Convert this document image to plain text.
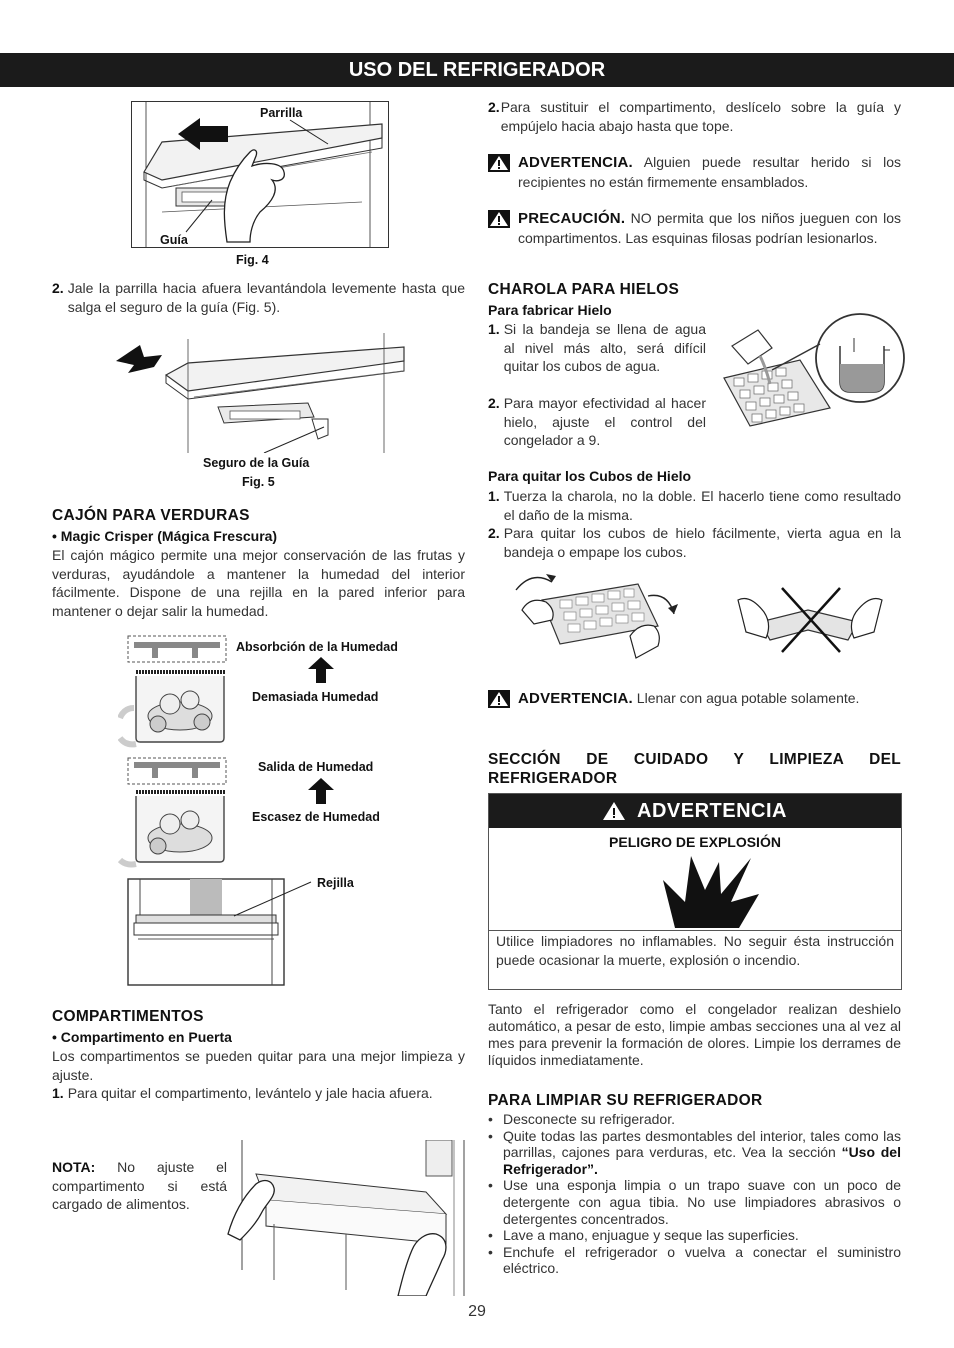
USO DEL REFRIGERADOR
Parrilla
Guía
Fig. 4
2. Jale la parrilla hacia afuera levantándola levemente hasta que salga el seguro de la guía (Fig. 5).
Seguro de la Guía
Fig. 5
CAJÓN PARA VERDURAS
• Magic Crisper (Mágica Frescura)
El cajón mágico permite una mejor conservación de las frutas y verduras, ayudándole a mantener la humedad del interior fácilmente. Dispone de una rejilla en la pared inferior para mantener o dejar salir la humedad.
Absorbción de la Humedad
Demasiada Humedad
Salida de Humedad
Escasez de Humedad
Rejilla
COMPARTIMENTOS
• Compartimento en Puerta
Los compartimentos se pueden quitar para una mejor limpieza y ajuste.
1. Para quitar el compartimento, levántelo y jale hacia afuera.
NOTA: No ajuste el compartimento si está cargado de alimentos.
2. Para sustituir el compartimento, deslícelo sobre la guía y empújelo hacia abajo hasta que tope.
ADVERTENCIA. Alguien puede resultar herido si los recipientes no están firmemente ensamblados.
PRECAUCIÓN. NO permita que los niños jueguen con los compartimentos. Las esquinas filosas podrían lesionarlos.
CHAROLA PARA HIELOS
Para fabricar Hielo
1. Si la bandeja se llena de agua al nivel más alto, será difícil quitar los cubos de agua.
2. Para mayor efectividad al hacer hielo, ajuste el control del congelador a 9.
Para quitar los Cubos de Hielo
1. Tuerza la charola, no la doble. El hacerlo tiene como resultado el daño de la misma.
2. Para quitar los cubos de hielo fácilmente, vierta agua en la bandeja o empape los cubos.
ADVERTENCIA. Llenar con agua potable solamente.
SECCIÓN DE CUIDADO Y LIMPIEZA DEL REFRIGERADOR
ADVERTENCIA
PELIGRO DE EXPLOSIÓN
Utilice limpiadores no inflamables. No seguir ésta instrucción puede ocasionar la muerte, explosión o incendio.
Tanto el refrigerador como el congelador realizan deshielo automático, a pesar de esto, limpie ambas secciones una al vez al mes para prevenir la formación de olores. Limpie los derrames de líquidos inmediatamente.
PARA LIMPIAR SU REFRIGERADOR
• Desconecte su refrigerador.
• Quite todas las partes desmontables del interior, tales como las parrillas, cajones para verduras, etc. Vea la sección “Uso del Refrigerador”.
• Use una esponja limpia o un trapo suave con un poco de detergente con agua tibia. No use limpiadores abrasivos o detergentes concentrados.
• Lave a mano, enjuague y seque las superficies.
• Enchufe el refrigerador o vuelva a conectar el suministro eléctrico.
29
